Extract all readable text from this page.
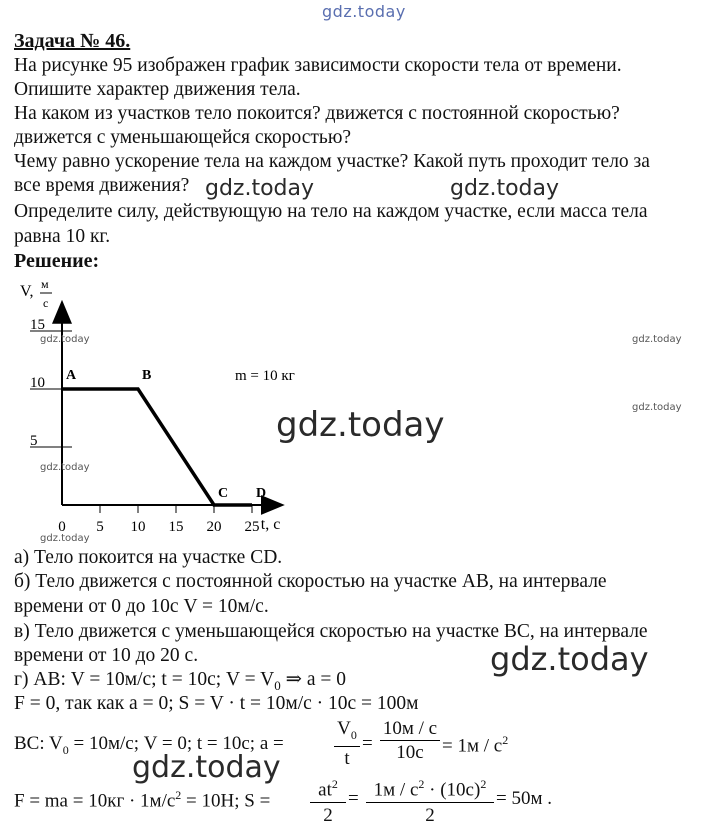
gdz.today
Задача № 46.
На рисунке 95 изображен график зависимости скорости тела от времени.
Опишите характер движения тела.
На каком из участков тело покоится? движется с постоянной скоростью?
движется с уменьшающейся скоростью?
Чему равно ускорение тела на каждом участке? Какой путь проходит тело за
все время движения?
Определите силу, действующую на тело на каждом участке, если масса тела
равна 10 кг.
gdz.today	gdz.today
Решение:
0 5 10 15 20 25
5
10
15
A	B
C D
V, м
с
t, c
m = 10 кг
gdz.today
gdz.today
gdz.today
gdz.today
gdz.today
gdz.today
а) Тело покоится на участке CD.
б) Тело движется с постоянной скоростью на участке АВ, на интервале
времени от 0 до 10с V = 10м/с.
в) Тело движется с уменьшающейся скоростью на участке ВС, на интервале
времени от 10 до 20 с.
г) АВ: V = 10м/с; t = 10с; $V = V_0$ ⇒ a = 0
F = 0, так как a = 0; S = V · t = 10м/с · 10с = 100м
gdz.today
BC: $V_0 = 10м/с$; V = 0; t = 10с; a =
$V_0$
t
=
10м / с
$10с = 1м / с^2$
gdz.today
F = ma = $10кг \cdot 1м/с^2 = 10Н$; S =
$at^2$
2
= $1м / с^2 \cdot (10с)^2$
2
= 50м .
